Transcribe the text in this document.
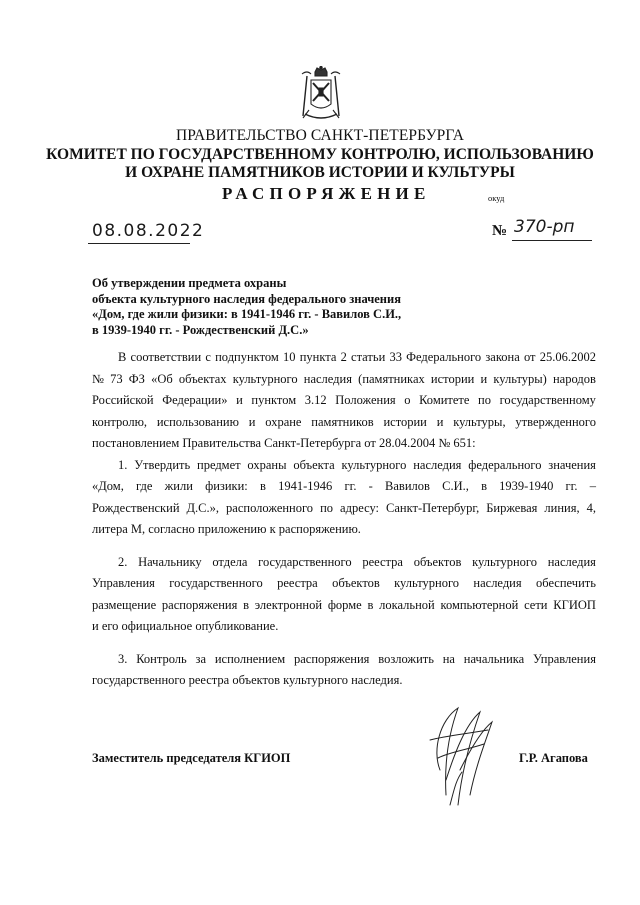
ПРАВИТЕЛЬСТВО САНКТ-ПЕТЕРБУРГА
КОМИТЕТ ПО ГОСУДАРСТВЕННОМУ КОНТРОЛЮ, ИСПОЛЬЗОВАНИЮ
И ОХРАНЕ ПАМЯТНИКОВ ИСТОРИИ И КУЛЬТУРЫ
РАСПОРЯЖЕНИЕ	окуд
08.08.2022	№ 370-рп
Об утверждении предмета охраны
объекта культурного наследия федерального значения
«Дом, где жили физики: в 1941-1946 гг. - Вавилов С.И.,
в 1939-1940 гг. - Рождественский Д.С.»
В соответствии с подпунктом 10 пункта 2 статьи 33 Федерального закона от 25.06.2002
№ 73 ФЗ «Об объектах культурного наследия (памятниках истории и культуры) народов
Российской Федерации» и пунктом 3.12 Положения о Комитете по государственному
контролю, использованию и охране памятников истории и культуры, утвержденного
постановлением Правительства Санкт-Петербурга от 28.04.2004 № 651:
1. Утвердить предмет охраны объекта культурного наследия федерального значения
«Дом, где жили физики: в 1941-1946 гг. - Вавилов С.И., в 1939-1940 гг. –
Рождественский Д.С.», расположенного по адресу: Санкт-Петербург, Биржевая линия, 4,
литера М, согласно приложению к распоряжению.
2. Начальнику отдела государственного реестра объектов культурного наследия
Управления государственного реестра объектов культурного наследия обеспечить
размещение распоряжения в электронной форме в локальной компьютерной сети КГИОП
и его официальное опубликование.
3. Контроль за исполнением распоряжения возложить на начальника Управления
государственного реестра объектов культурного наследия.
Заместитель председателя КГИОП	Г.Р. Агапова
